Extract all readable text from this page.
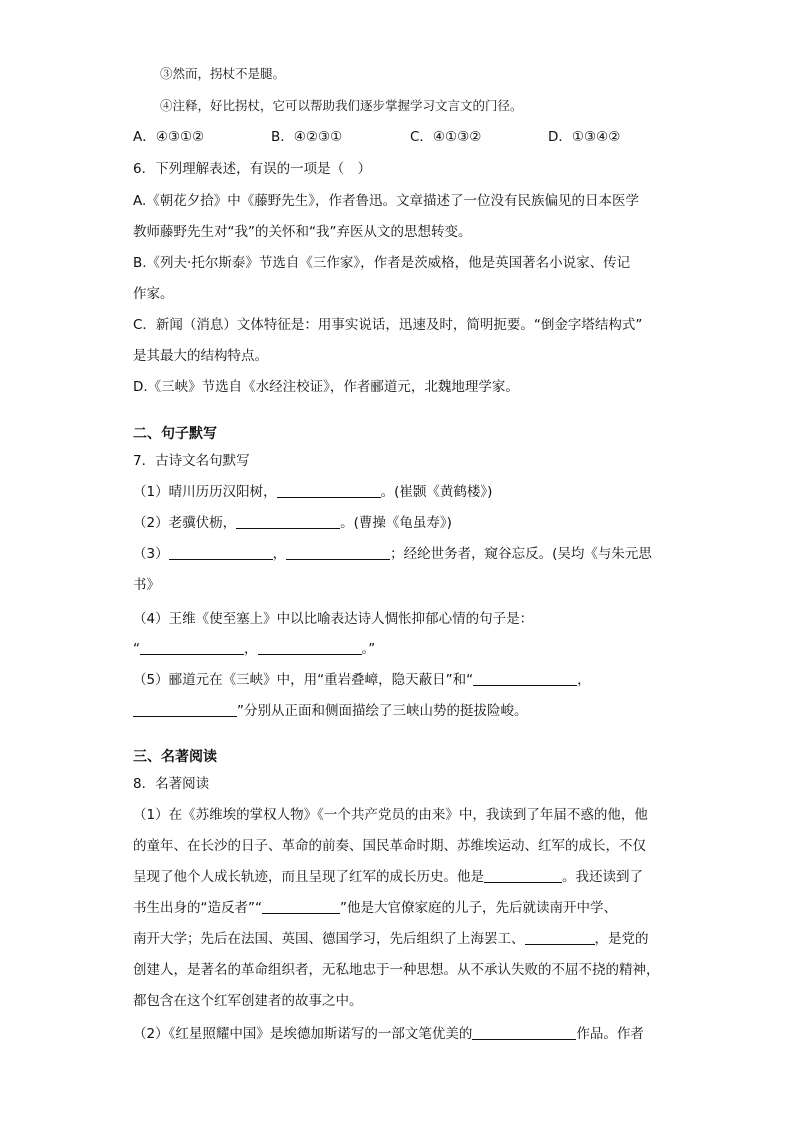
③然而，拐杖不是腿。
④注释，好比拐杖，它可以帮助我们逐步掌握学习文言文的门径。
A．④③①②	B．④②③①	C．④①③②	D．①③④②
6．下列理解表述，有误的一项是（　）
A.《朝花夕拾》中《藤野先生》，作者鲁迅。文章描述了一位没有民族偏见的日本医学
教师藤野先生对“我”的关怀和“我”弃医从文的思想转变。
B.《列夫·托尔斯泰》节选自《三作家》，作者是茨威格，他是英国著名小说家、传记
作家。
C．新闻（消息）文体特征是：用事实说话，迅速及时，简明扼要。“倒金字塔结构式”
是其最大的结构特点。
D.《三峡》节选自《水经注校证》，作者郦道元，北魏地理学家。
二、句子默写
7．古诗文名句默写
（1）晴川历历汉阳树，	。(崔颢《黄鹤楼》)
（2）老骥伏枥，	。(曹操《龟虽寿》)
（3）	，	；经纶世务者，窥谷忘反。(吴均《与朱元思
书》
（4）王维《使至塞上》中以比喻表达诗人惆怅抑郁心情的句子是：
“	，	。”
（5）郦道元在《三峡》中，用“重岩叠嶂，隐天蔽日”和“	，
”分别从正面和侧面描绘了三峡山势的挺拔险峻。
三、名著阅读
8．名著阅读
（1）在《苏维埃的掌权人物》《一个共产党员的由来》中，我读到了年届不惑的他，他
的童年、在长沙的日子、革命的前奏、国民革命时期、苏维埃运动、红军的成长，不仅
呈现了他个人成长轨迹，而且呈现了红军的成长历史。他是	。我还读到了
书生出身的“造反者”“	”他是大官僚家庭的儿子，先后就读南开中学、
南开大学；先后在法国、英国、德国学习，先后组织了上海罢工、	，是党的
创建人，是著名的革命组织者，无私地忠于一种思想。从不承认失败的不屈不挠的精神，
都包含在这个红军创建者的故事之中。
（2）《红星照耀中国》是埃德加斯诺写的一部文笔优美的	作品。作者
